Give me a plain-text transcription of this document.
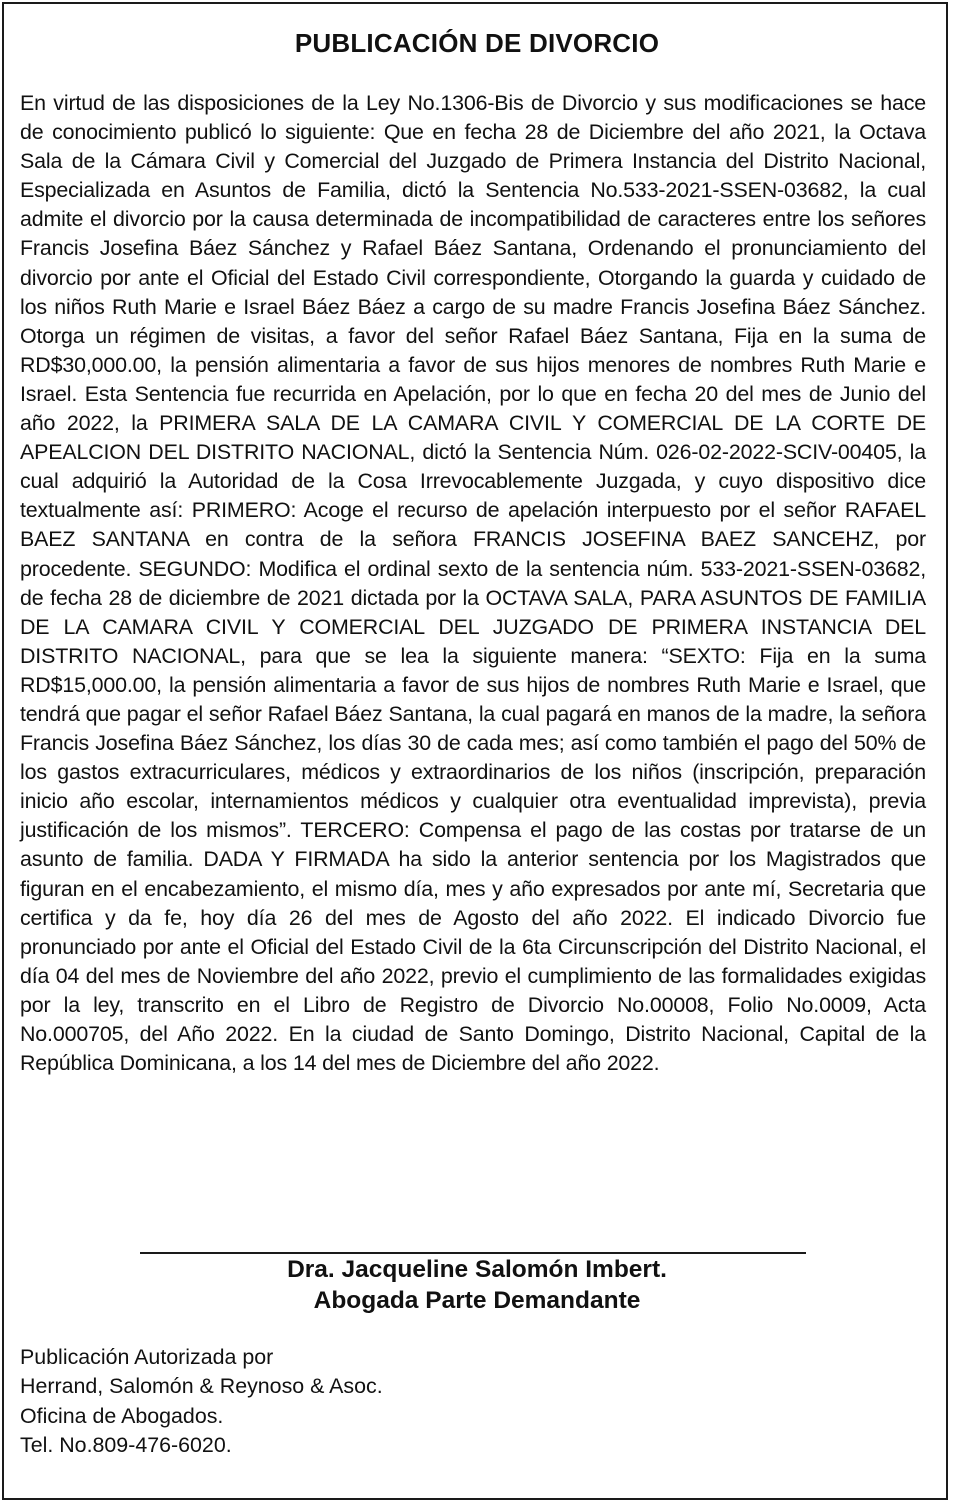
PUBLICACIÓN DE DIVORCIO

En virtud de las disposiciones de la Ley No.1306-Bis de Divorcio y sus modificaciones se hace de conocimiento publicó lo siguiente: Que en fecha 28 de Diciembre del año 2021, la Octava Sala de la Cámara Civil y Comercial del Juzgado de Primera Instancia del Distrito Nacional, Especializada en Asuntos de Familia, dictó la Sentencia No.533-2021-SSEN-03682, la cual admite el divorcio por la causa determinada de incompatibilidad de caracteres entre los señores Francis Josefina Báez Sánchez y Rafael Báez Santana, Ordenando el pronunciamiento del divorcio por ante el Oficial del Estado Civil correspondiente, Otorgando la guarda y cuidado de los niños Ruth Marie e Israel Báez Báez a cargo de su madre Francis Josefina Báez Sánchez. Otorga un régimen de visitas, a favor del señor Rafael Báez Santana, Fija en la suma de RD$30,000.00, la pensión alimentaria a favor de sus hijos menores de nombres Ruth Marie e Israel. Esta Sentencia fue recurrida en Apelación, por lo que en fecha 20 del mes de Junio del año 2022, la PRIMERA SALA DE LA CAMARA CIVIL Y COMERCIAL DE LA CORTE DE APEALCION DEL DISTRITO NACIONAL, dictó la Sentencia Núm. 026-02-2022-SCIV-00405, la cual adquirió la Autoridad de la Cosa Irrevocablemente Juzgada, y cuyo dispositivo dice textualmente así: PRIMERO: Acoge el recurso de apelación interpuesto por el señor RAFAEL BAEZ SANTANA en contra de la señora FRANCIS JOSEFINA BAEZ SANCEHZ, por procedente. SEGUNDO: Modifica el ordinal sexto de la sentencia núm. 533-2021-SSEN-03682, de fecha 28 de diciembre de 2021 dictada por la OCTAVA SALA, PARA ASUNTOS DE FAMILIA DE LA CAMARA CIVIL Y COMERCIAL DEL JUZGADO DE PRIMERA INSTANCIA DEL DISTRITO NACIONAL, para que se lea la siguiente manera: “SEXTO: Fija en la suma RD$15,000.00, la pensión alimentaria a favor de sus hijos de nombres Ruth Marie e Israel, que tendrá que pagar el señor Rafael Báez Santana, la cual pagará en manos de la madre, la señora Francis Josefina Báez Sánchez, los días 30 de cada mes; así como también el pago del 50% de los gastos extracurriculares, médicos y extraordinarios de los niños (inscripción, preparación inicio año escolar, internamientos médicos y cualquier otra eventualidad imprevista), previa justificación de los mismos”. TERCERO: Compensa el pago de las costas por tratarse de un asunto de familia. DADA Y FIRMADA ha sido la anterior sentencia por los Magistrados que figuran en el encabezamiento, el mismo día, mes y año expresados por ante mí, Secretaria que certifica y da fe, hoy día 26 del mes de Agosto del año 2022. El indicado Divorcio fue pronunciado por ante el Oficial del Estado Civil de la 6ta Circunscripción del Distrito Nacional, el día 04 del mes de Noviembre del año 2022, previo el cumplimiento de las formalidades exigidas por la ley, transcrito en el Libro de Registro de Divorcio No.00008, Folio No.0009, Acta No.000705, del Año 2022. En la ciudad de Santo Domingo, Distrito Nacional, Capital de la República Dominicana, a los 14 del mes de Diciembre del año 2022.

Dra. Jacqueline Salomón Imbert.
Abogada Parte Demandante
Publicación Autorizada por
Herrand, Salomón & Reynoso & Asoc.
Oficina de Abogados.
Tel. No.809-476-6020.
